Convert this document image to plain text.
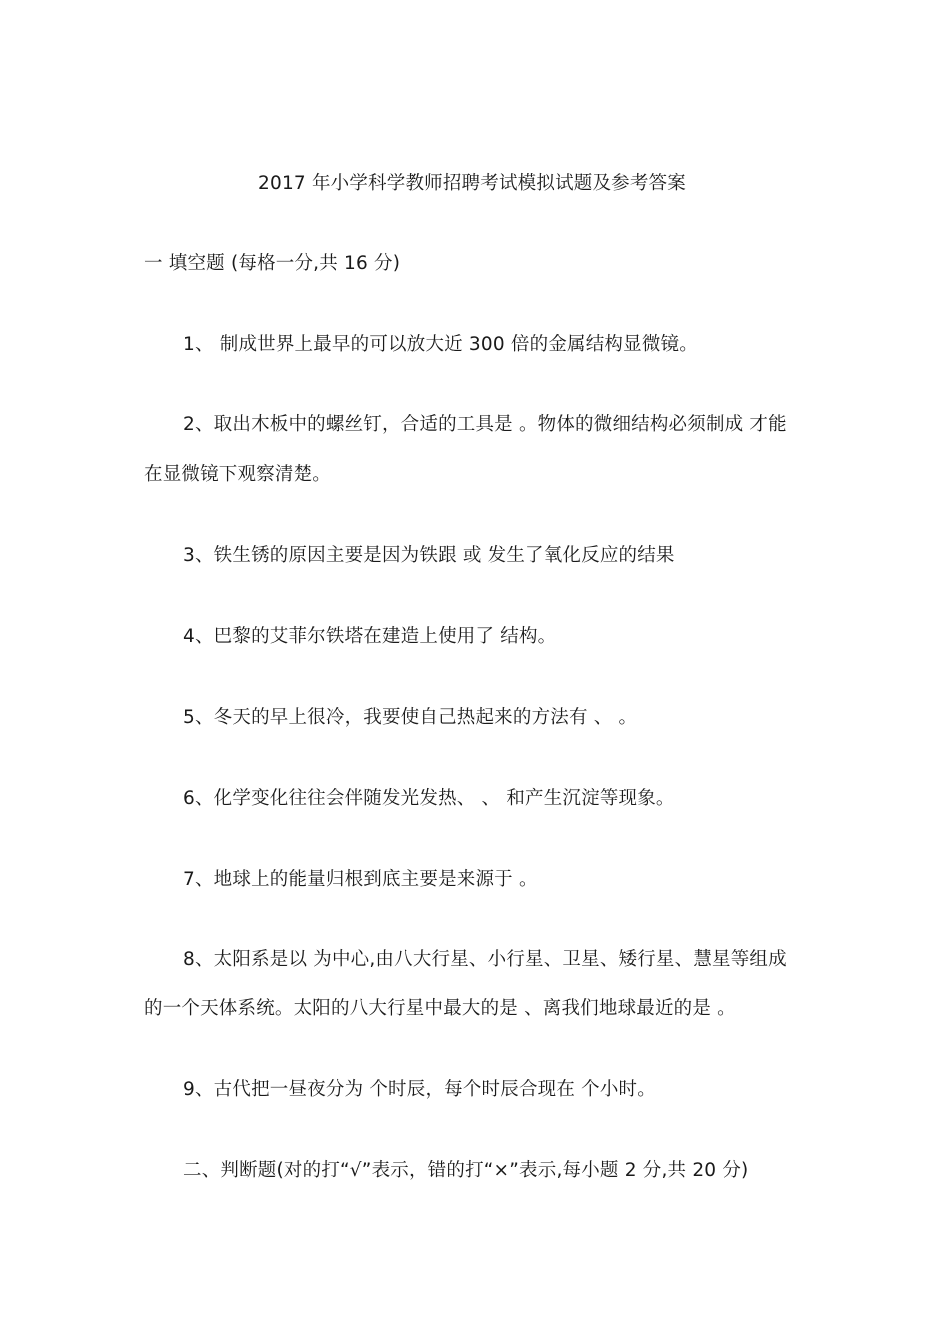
2017 年小学科学教师招聘考试模拟试题及参考答案
一 填空题 (每格一分,共 16 分)
1、 制成世界上最早的可以放大近 300 倍的金属结构显微镜。
2、取出木板中的螺丝钉，合适的工具是 。物体的微细结构必须制成 才能
在显微镜下观察清楚。
3、铁生锈的原因主要是因为铁跟 或 发生了氧化反应的结果
4、巴黎的艾菲尔铁塔在建造上使用了 结构。
5、冬天的早上很冷，我要使自己热起来的方法有 、 。
6、化学变化往往会伴随发光发热、 、 和产生沉淀等现象。
7、地球上的能量归根到底主要是来源于 。
8、太阳系是以 为中心,由八大行星、小行星、卫星、矮行星、慧星等组成
的一个天体系统。太阳的八大行星中最大的是 、离我们地球最近的是 。
9、古代把一昼夜分为 个时辰，每个时辰合现在 个小时。
二、判断题(对的打“√”表示，错的打“×”表示,每小题 2 分,共 20 分)
